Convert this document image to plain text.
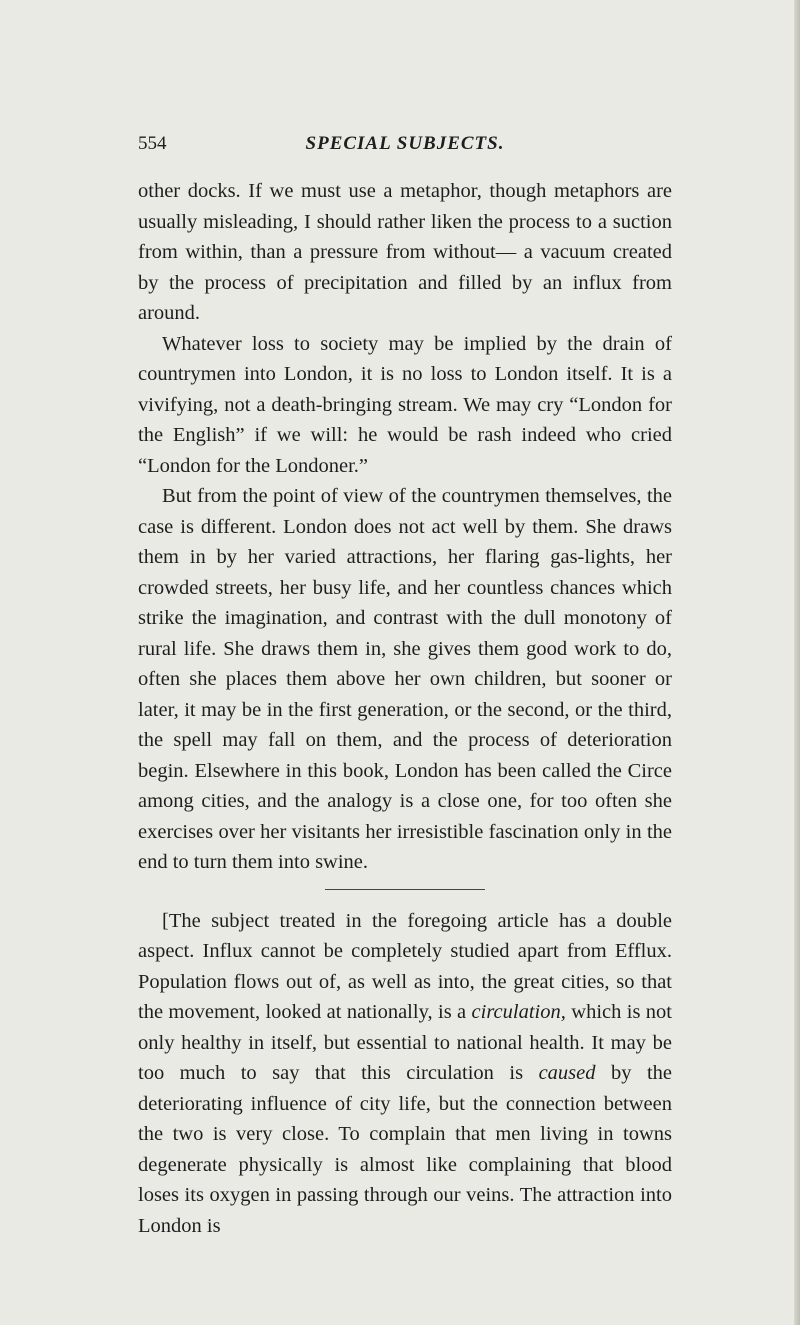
554	SPECIAL SUBJECTS.

other docks. If we must use a metaphor, though metaphors are usually misleading, I should rather liken the process to a suction from within, than a pressure from without— a vacuum created by the process of precipitation and filled by an influx from around.

Whatever loss to society may be implied by the drain of countrymen into London, it is no loss to London itself. It is a vivifying, not a death-bringing stream. We may cry “London for the English” if we will: he would be rash indeed who cried “London for the Londoner.”

But from the point of view of the countrymen themselves, the case is different. London does not act well by them. She draws them in by her varied attractions, her flaring gas-lights, her crowded streets, her busy life, and her countless chances which strike the imagination, and contrast with the dull monotony of rural life. She draws them in, she gives them good work to do, often she places them above her own children, but sooner or later, it may be in the first generation, or the second, or the third, the spell may fall on them, and the process of deterioration begin. Elsewhere in this book, London has been called the Circe among cities, and the analogy is a close one, for too often she exercises over her visitants her irresistible fascination only in the end to turn them into swine.

[The subject treated in the foregoing article has a double aspect. Influx cannot be completely studied apart from Efflux. Population flows out of, as well as into, the great cities, so that the movement, looked at nationally, is a circulation, which is not only healthy in itself, but essential to national health. It may be too much to say that this circulation is caused by the deteriorating influence of city life, but the connection between the two is very close. To complain that men living in towns degenerate physically is almost like complaining that blood loses its oxygen in passing through our veins. The attraction into London is
